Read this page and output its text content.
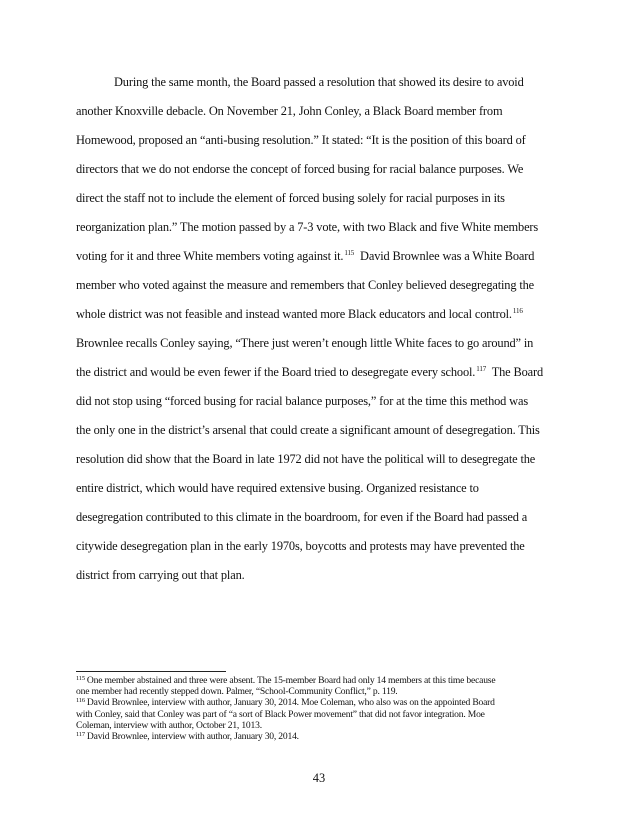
During the same month, the Board passed a resolution that showed its desire to avoid
another Knoxville debacle. On November 21, John Conley, a Black Board member from
Homewood, proposed an “anti-busing resolution.” It stated: “It is the position of this board of
directors that we do not endorse the concept of forced busing for racial balance purposes. We
direct the staff not to include the element of forced busing solely for racial purposes in its
reorganization plan.” The motion passed by a 7-3 vote, with two Black and five White members
voting for it and three White members voting against it.$^{115}$  David Brownlee was a White Board
member who voted against the measure and remembers that Conley believed desegregating the
whole district was not feasible and instead wanted more Black educators and local control.$^{116}$
Brownlee recalls Conley saying, “There just weren’t enough little White faces to go around” in
the district and would be even fewer if the Board tried to desegregate every school.$^{117}$  The Board
did not stop using “forced busing for racial balance purposes,” for at the time this method was
the only one in the district’s arsenal that could create a significant amount of desegregation. This
resolution did show that the Board in late 1972 did not have the political will to desegregate the
entire district, which would have required extensive busing. Organized resistance to
desegregation contributed to this climate in the boardroom, for even if the Board had passed a
citywide desegregation plan in the early 1970s, boycotts and protests may have prevented the
district from carrying out that plan.
$^{115}$ One member abstained and three were absent. The 15-member Board had only 14 members at this time because
one member had recently stepped down. Palmer, “School-Community Conflict,” p. 119.
$^{116}$ David Brownlee, interview with author, January 30, 2014. Moe Coleman, who also was on the appointed Board
with Conley, said that Conley was part of “a sort of Black Power movement” that did not favor integration. Moe
Coleman, interview with author, October 21, 1013.
$^{117}$ David Brownlee, interview with author, January 30, 2014.
43
